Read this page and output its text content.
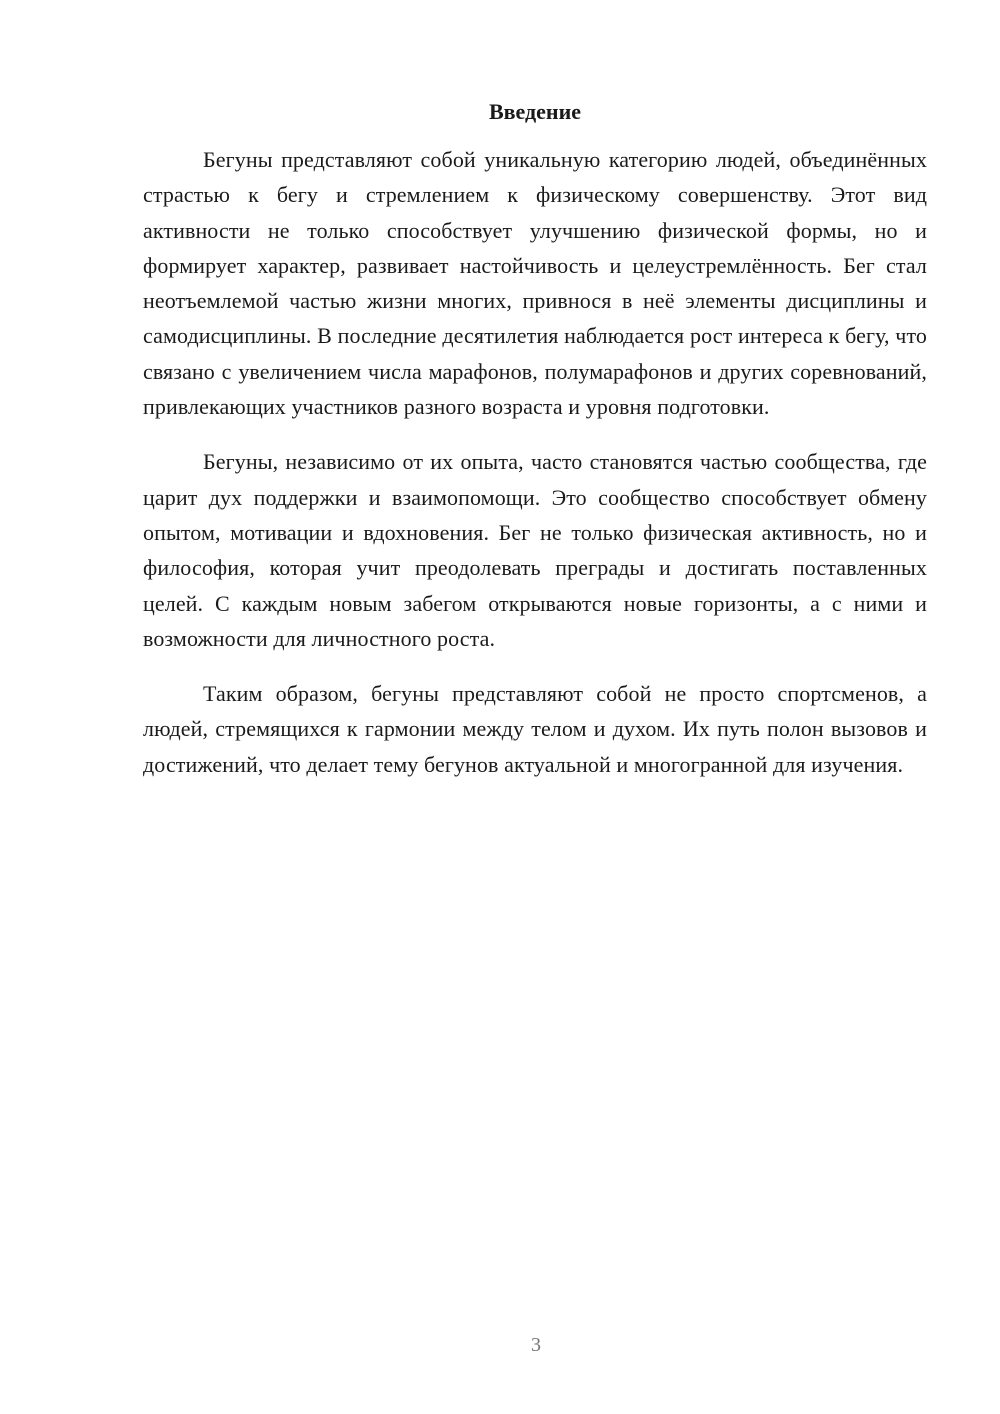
Введение

Бегуны представляют собой уникальную категорию людей, объединённых страстью к бегу и стремлением к физическому совершенству. Этот вид активности не только способствует улучшению физической формы, но и формирует характер, развивает настойчивость и целеустремлённость. Бег стал неотъемлемой частью жизни многих, привнося в неё элементы дисциплины и самодисциплины. В последние десятилетия наблюдается рост интереса к бегу, что связано с увеличением числа марафонов, полумарафонов и других соревнований, привлекающих участников разного возраста и уровня подготовки.

Бегуны, независимо от их опыта, часто становятся частью сообщества, где царит дух поддержки и взаимопомощи. Это сообщество способствует обмену опытом, мотивации и вдохновения. Бег не только физическая активность, но и философия, которая учит преодолевать преграды и достигать поставленных целей. С каждым новым забегом открываются новые горизонты, а с ними и возможности для личностного роста.

Таким образом, бегуны представляют собой не просто спортсменов, а людей, стремящихся к гармонии между телом и духом. Их путь полон вызовов и достижений, что делает тему бегунов актуальной и многогранной для изучения.

3
